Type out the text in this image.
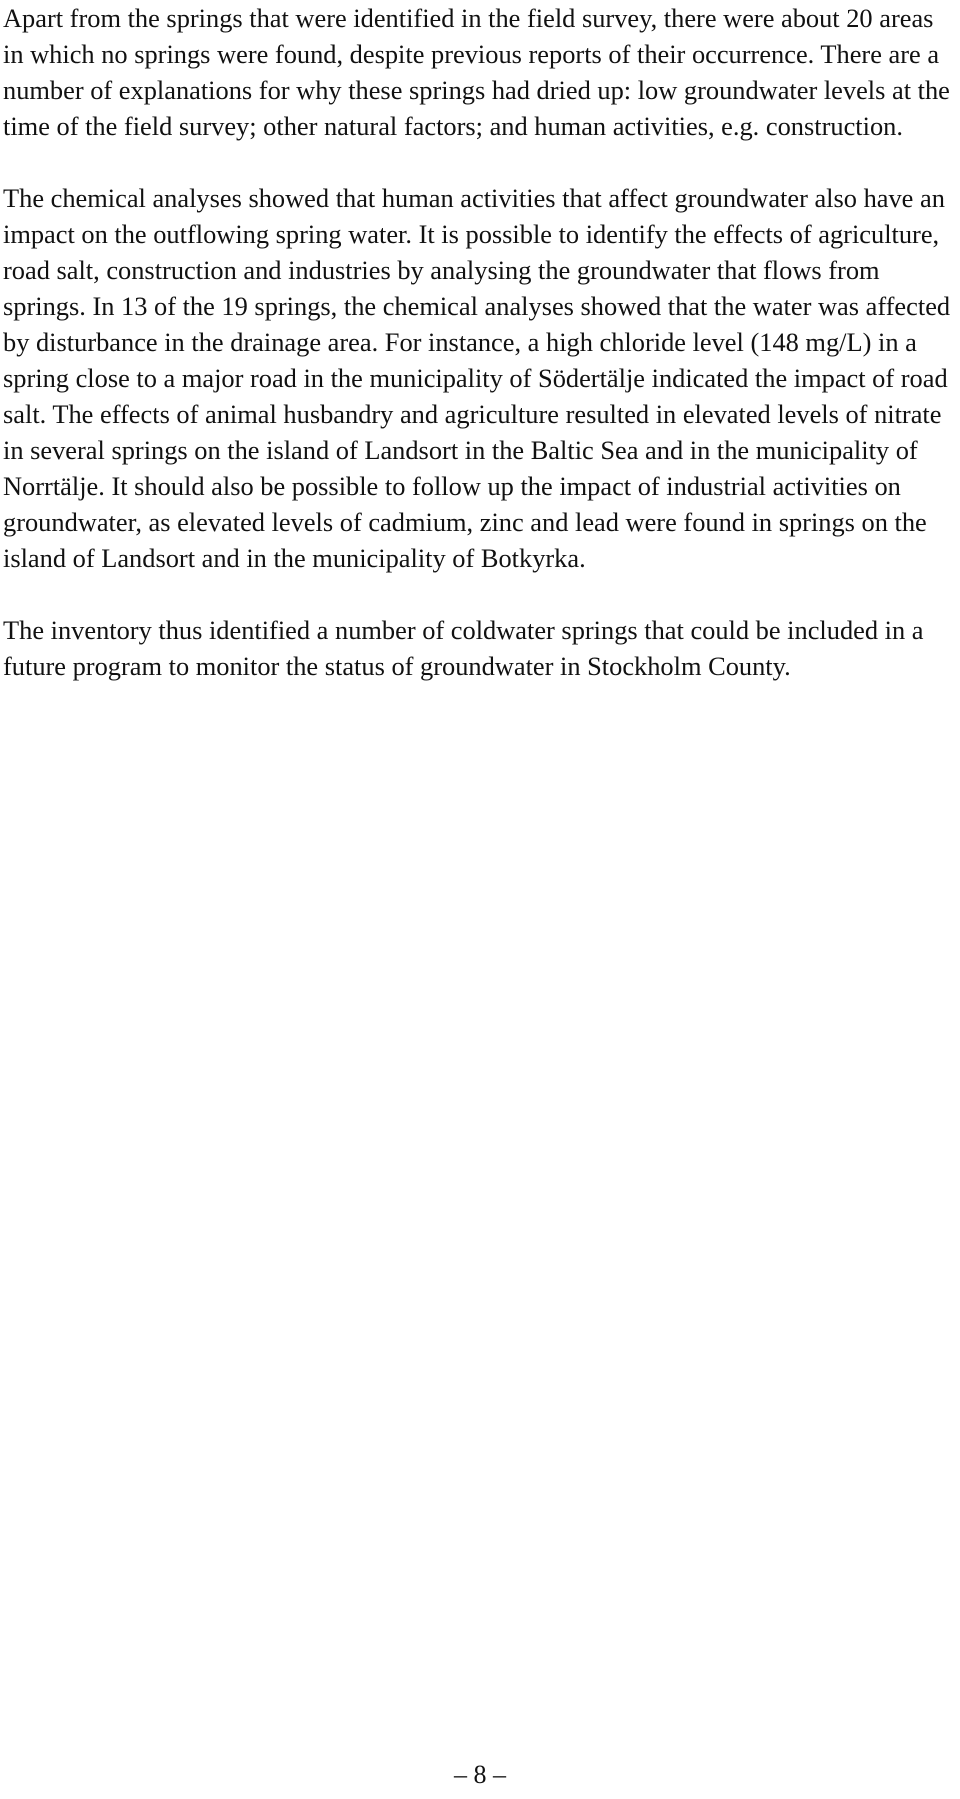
Apart from the springs that were identified in the field survey, there were about 20 areas in which no springs were found, despite previous reports of their occurrence. There are a number of explanations for why these springs had dried up: low groundwater levels at the time of the field survey; other natural factors; and human activities, e.g. construction.

The chemical analyses showed that human activities that affect groundwater also have an impact on the outflowing spring water. It is possible to identify the effects of agriculture, road salt, construction and industries by analysing the groundwater that flows from springs. In 13 of the 19 springs, the chemical analyses showed that the water was affected by disturbance in the drainage area. For instance, a high chloride level (148 mg/L) in a spring close to a major road in the municipality of Södertälje indicated the impact of road salt. The effects of animal husbandry and agriculture resulted in elevated levels of nitrate in several springs on the island of Landsort in the Baltic Sea and in the municipality of Norrtälje. It should also be possible to follow up the impact of industrial activities on groundwater, as elevated levels of cadmium, zinc and lead were found in springs on the island of Landsort and in the municipality of Botkyrka.

The inventory thus identified a number of coldwater springs that could be included in a future program to monitor the status of groundwater in Stockholm County.

– 8 –
